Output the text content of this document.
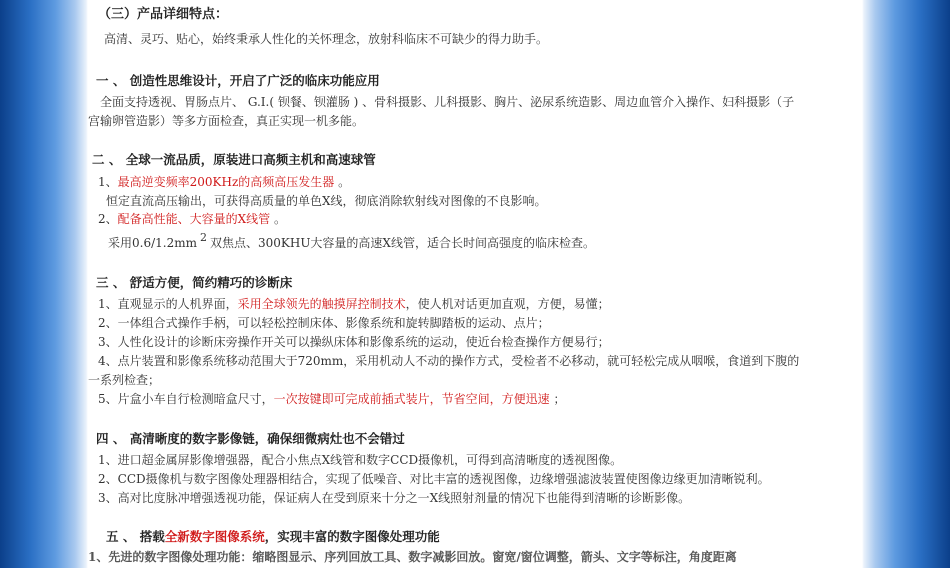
（三）产品详细特点：
高清、灵巧、贴心，始终秉承人性化的关怀理念，放射科临床不可缺少的得力助手。
一 、 创造性思维设计，开启了广泛的临床功能应用
全面支持透视、胃肠点片、 G.I.( 钡餐、钡灌肠 ) 、骨科摄影、儿科摄影、胸片、泌尿系统造影、周边血管介入操作、妇科摄影（子
宫输卵管造影）等多方面检查，真正实现一机多能。
二 、 全球一流品质，原装进口高频主机和高速球管
1、最高逆变频率200KHz的高频高压发生器 。
恒定直流高压输出，可获得高质量的单色X线，彻底消除软射线对图像的不良影响。
2、配备高性能、大容量的X线管 。
采用0.6/1.2mm 2 双焦点、300KHU大容量的高速X线管，适合长时间高强度的临床检查。
三 、 舒适方便，简约精巧的诊断床
1、直观显示的人机界面，采用全球领先的触摸屏控制技术，使人机对话更加直观，方便，易懂；
2、一体组合式操作手柄，可以轻松控制床体、影像系统和旋转脚踏板的运动、点片；
3、人性化设计的诊断床旁操作开关可以操纵床体和影像系统的运动，使近台检查操作方便易行；
4、点片装置和影像系统移动范围大于720mm，采用机动人不动的操作方式，受检者不必移动，就可轻松完成从咽喉，食道到下腹的
一系列检查；
5、片盒小车自行检测暗盒尺寸，一次按键即可完成前插式装片，节省空间，方便迅速 ；
四 、 高清晰度的数字影像链，确保细微病灶也不会错过
1、进口超金属屏影像增强器，配合小焦点X线管和数字CCD摄像机，可得到高清晰度的透视图像。
2、CCD摄像机与数字图像处理器相结合，实现了低噪音、对比丰富的透视图像，边缘增强滤波装置使图像边缘更加清晰锐利。
3、高对比度脉冲增强透视功能，保证病人在受到原来十分之一X线照射剂量的情况下也能得到清晰的诊断影像。
五 、 搭载全新数字图像系统，实现丰富的数字图像处理功能
1、先进的数字图像处理功能：缩略图显示、序列回放工具、数字减影回放。窗宽/窗位调整，箭头、文字等标注，角度距离
